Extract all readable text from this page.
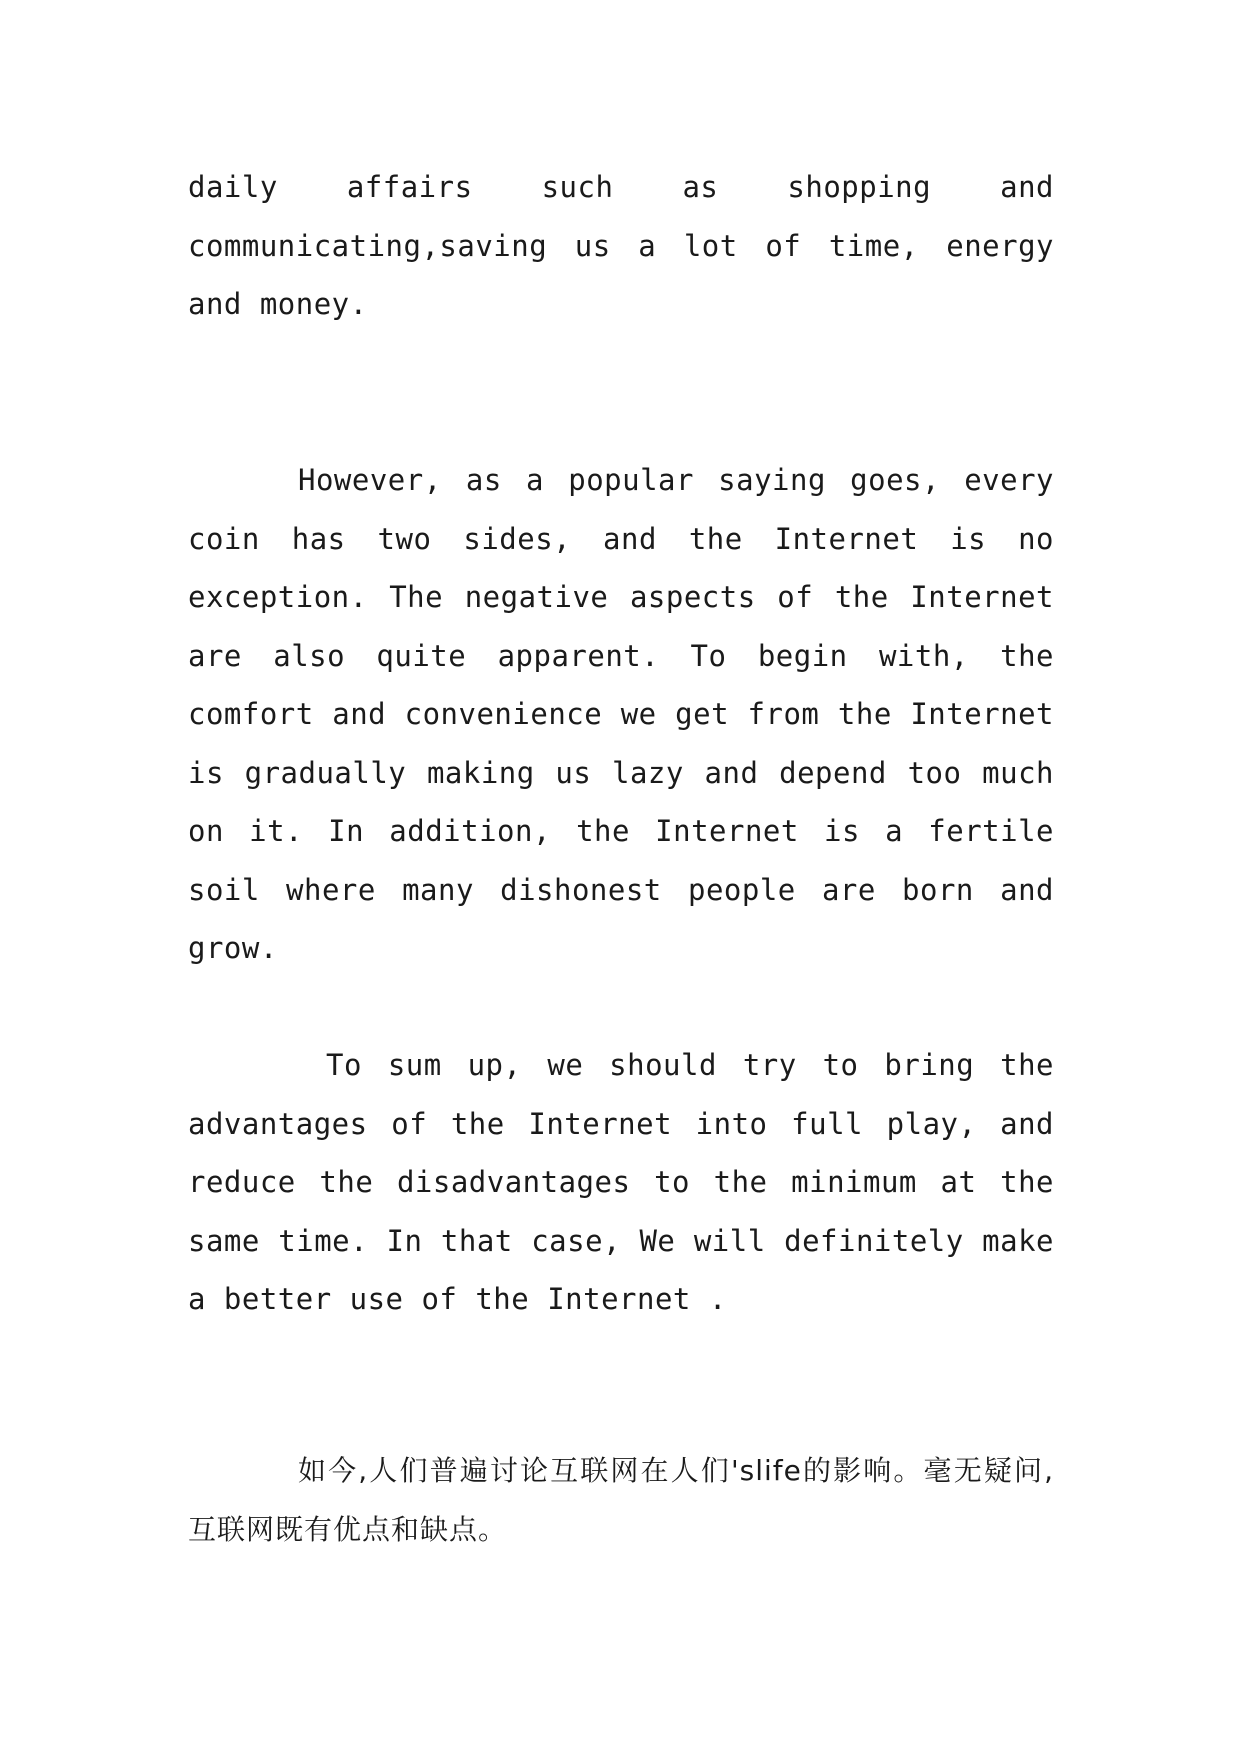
daily affairs such as shopping and communicating,saving us a lot of time, energy and money.

However, as a popular saying goes, every coin has two sides, and the Internet is no exception. The negative aspects of the Internet are also quite apparent. To begin with, the comfort and convenience we get from the Internet is gradually making us lazy and depend too much on it. In addition, the Internet is a fertile soil where many dishonest people are born and grow.

To sum up, we should try to bring the advantages of the Internet into full play, and reduce the disadvantages to the minimum at the same time. In that case, We will definitely make a better use of the Internet .

如今,人们普遍讨论互联网在人们'slife的影响。毫无疑问,互联网既有优点和缺点。
